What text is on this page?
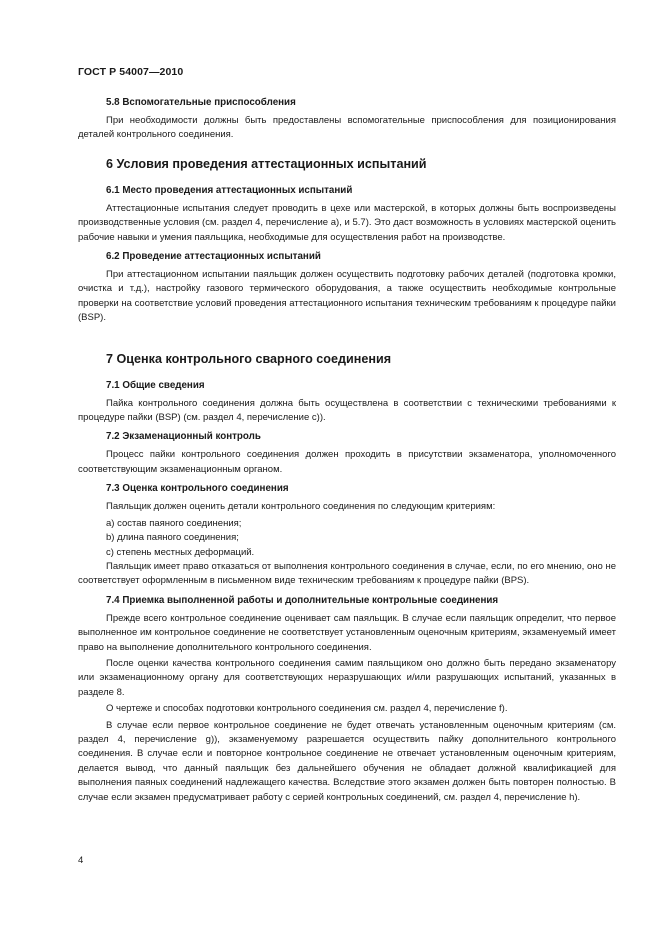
ГОСТ Р 54007—2010
5.8 Вспомогательные приспособления
При необходимости должны быть предоставлены вспомогательные приспособления для позиционирования деталей контрольного соединения.
6 Условия проведения аттестационных испытаний
6.1 Место проведения аттестационных испытаний
Аттестационные испытания следует проводить в цехе или мастерской, в которых должны быть воспроизведены производственные условия (см. раздел 4, перечисление а), и 5.7). Это даст возможность в условиях мастерской оценить рабочие навыки и умения паяльщика, необходимые для осуществления работ на производстве.
6.2 Проведение аттестационных испытаний
При аттестационном испытании паяльщик должен осуществить подготовку рабочих деталей (подготовка кромки, очистка и т.д.), настройку газового термического оборудования, а также осуществить необходимые контрольные проверки на соответствие условий проведения аттестационного испытания техническим требованиям к процедуре пайки (BSP).
7 Оценка контрольного сварного соединения
7.1 Общие сведения
Пайка контрольного соединения должна быть осуществлена в соответствии с техническими требованиями к процедуре пайки (BSP) (см. раздел 4, перечисление с)).
7.2 Экзаменационный контроль
Процесс пайки контрольного соединения должен проходить в присутствии экзаменатора, уполномоченного соответствующим экзаменационным органом.
7.3 Оценка контрольного соединения
Паяльщик должен оценить детали контрольного соединения по следующим критериям:
a) состав паяного соединения;
b) длина паяного соединения;
c) степень местных деформаций.
Паяльщик имеет право отказаться от выполнения контрольного соединения в случае, если, по его мнению, оно не соответствует оформленным в письменном виде техническим требованиям к процедуре пайки (BPS).
7.4 Приемка выполненной работы и дополнительные контрольные соединения
Прежде всего контрольное соединение оценивает сам паяльщик. В случае если паяльщик определит, что первое выполненное им контрольное соединение не соответствует установленным оценочным критериям, экзаменуемый имеет право на выполнение дополнительного контрольного соединения.
После оценки качества контрольного соединения самим паяльщиком оно должно быть передано экзаменатору или экзаменационному органу для соответствующих неразрушающих и/или разрушающих испытаний, указанных в разделе 8.
О чертеже и способах подготовки контрольного соединения см. раздел 4, перечисление f).
В случае если первое контрольное соединение не будет отвечать установленным оценочным критериям (см. раздел 4, перечисление g)), экзаменуемому разрешается осуществить пайку дополнительного контрольного соединения. В случае если и повторное контрольное соединение не отвечает установленным оценочным критериям, делается вывод, что данный паяльщик без дальнейшего обучения не обладает должной квалификацией для выполнения паяных соединений надлежащего качества. Вследствие этого экзамен должен быть повторен полностью. В случае если экзамен предусматривает работу с серией контрольных соединений, см. раздел 4, перечисление h).
4
